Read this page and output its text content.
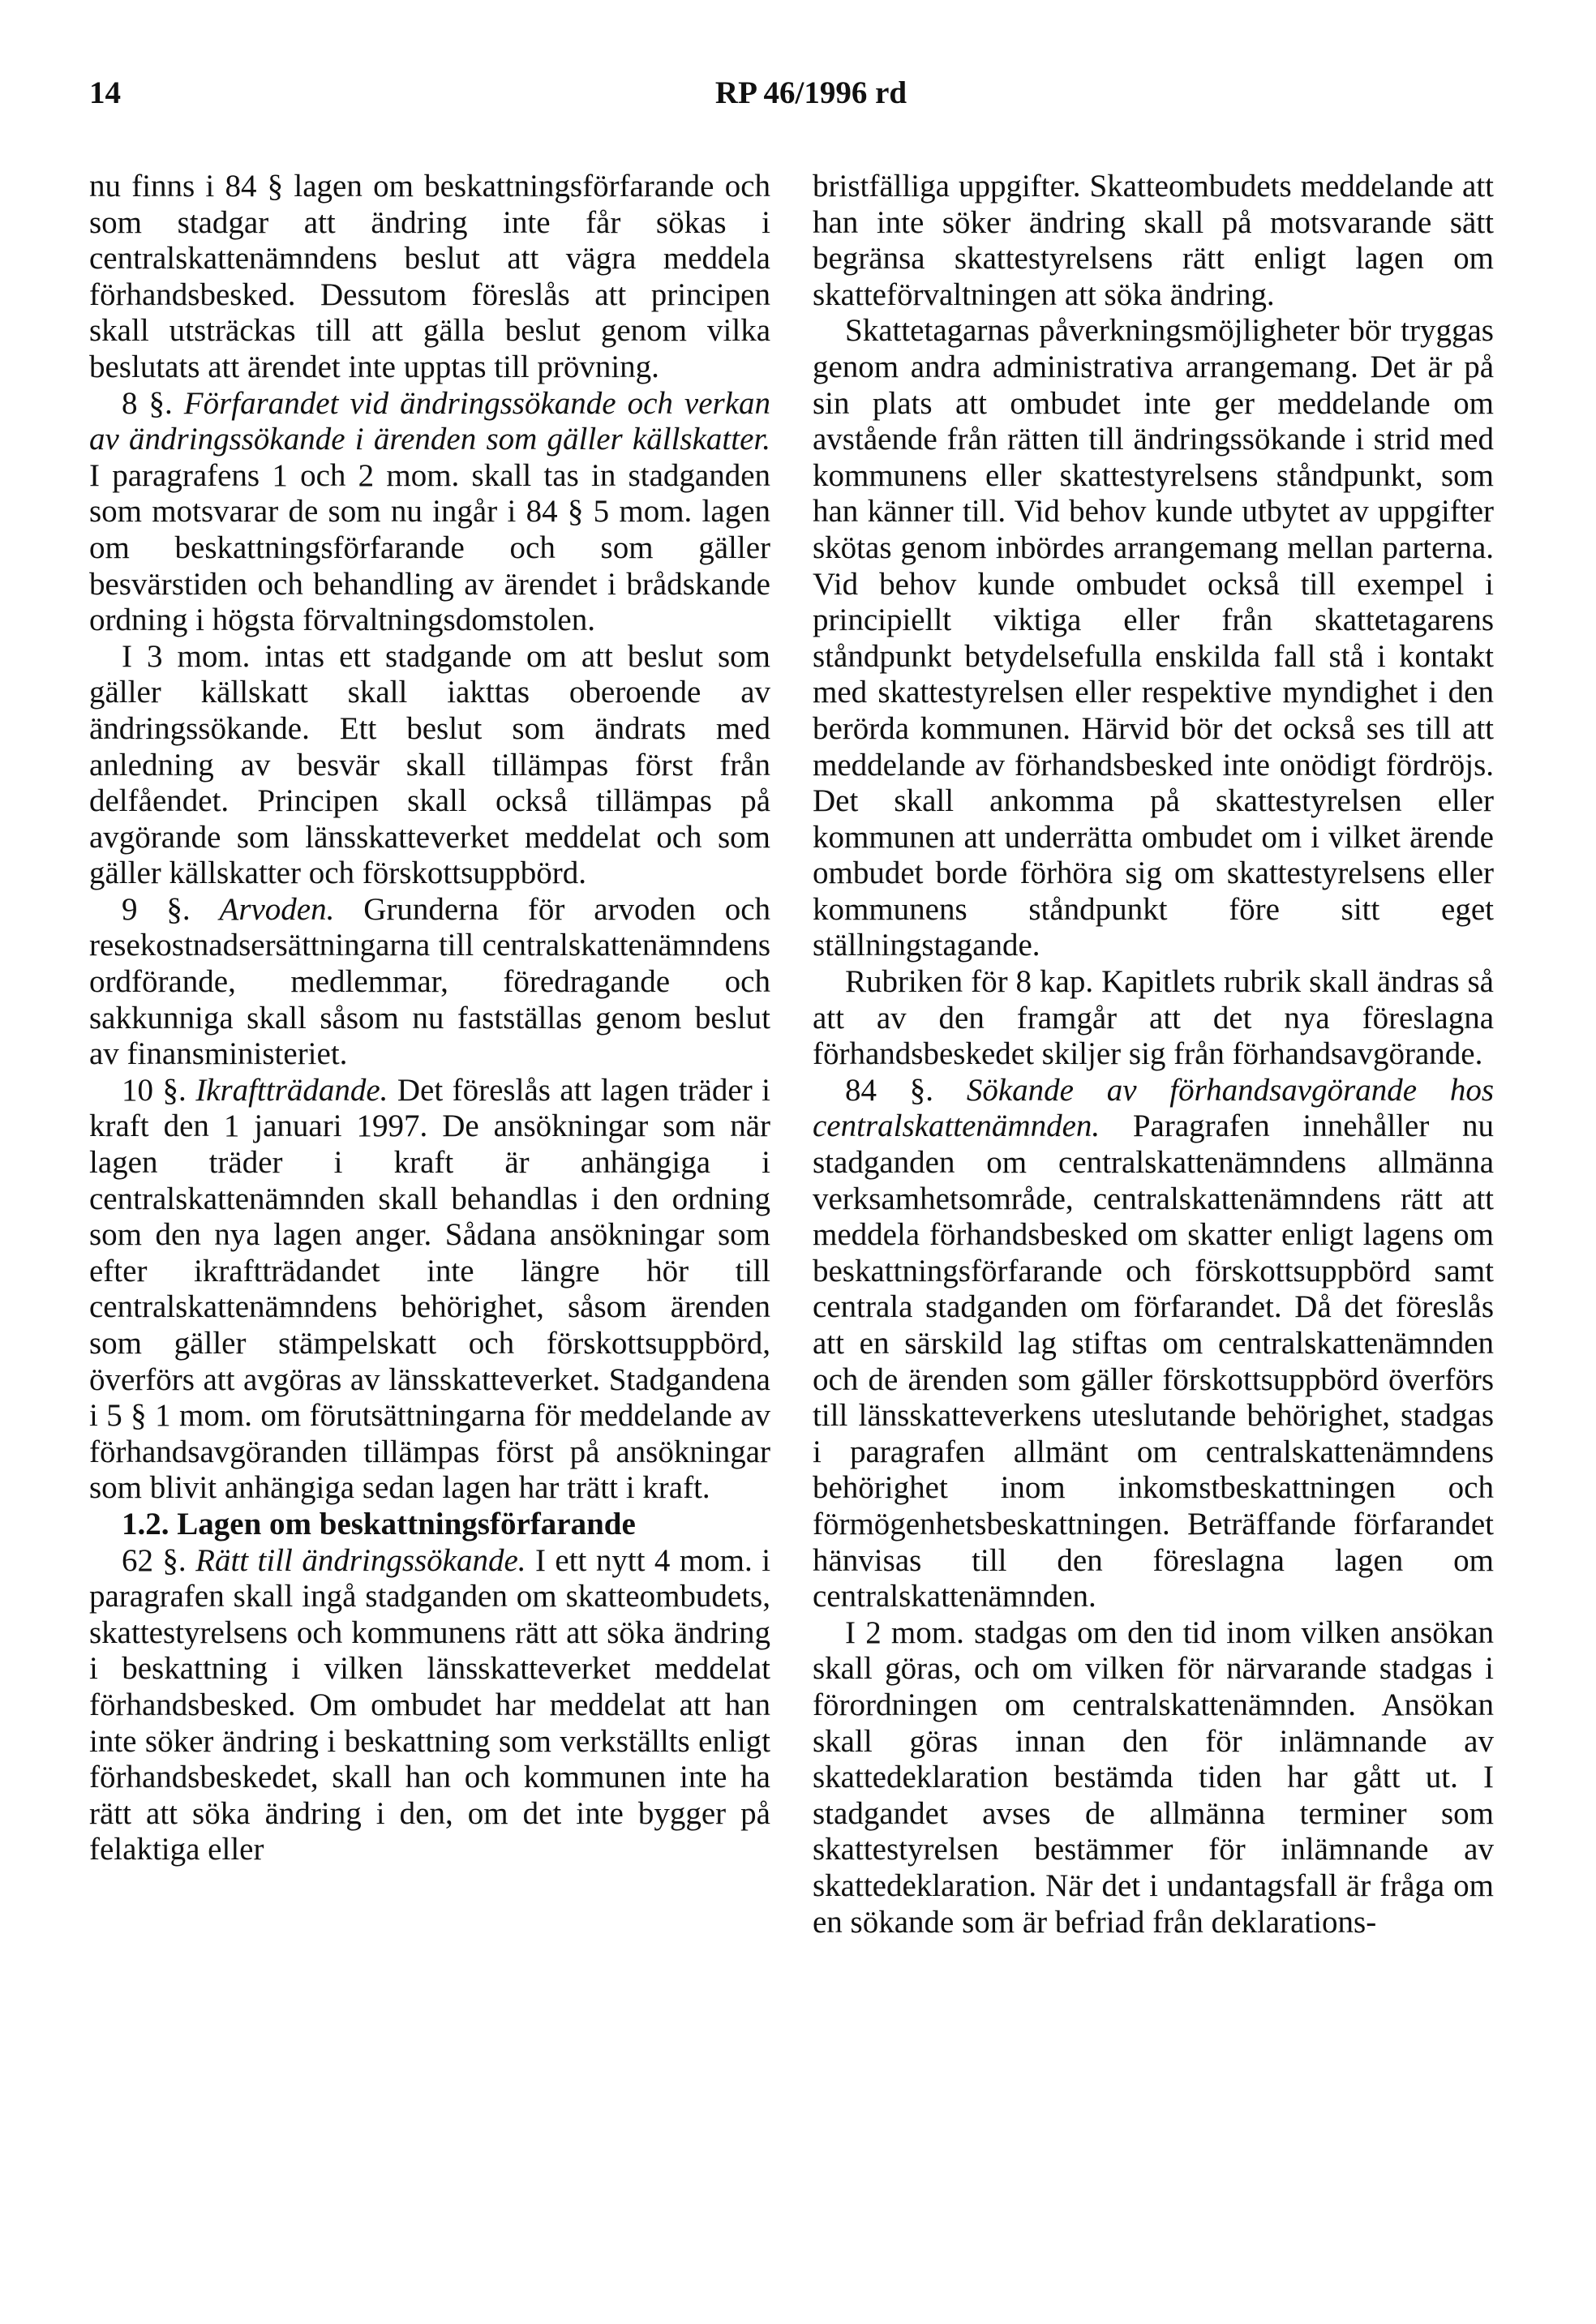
14	RP 46/1996 rd

nu finns i 84 § lagen om beskattningsförfarande och som stadgar att ändring inte får sökas i centralskattenämndens beslut att vägra meddela förhandsbesked. Dessutom föreslås att principen skall utsträckas till att gälla beslut genom vilka beslutats att ärendet inte upptas till prövning.

8 §. Förfarandet vid ändringssökande och verkan av ändringssökande i ärenden som gäller källskatter. I paragrafens 1 och 2 mom. skall tas in stadganden som motsvarar de som nu ingår i 84 § 5 mom. lagen om beskattningsförfarande och som gäller besvärstiden och behandling av ärendet i brådskande ordning i högsta förvaltningsdomstolen.

I 3 mom. intas ett stadgande om att beslut som gäller källskatt skall iakttas oberoende av ändringssökande. Ett beslut som ändrats med anledning av besvär skall tillämpas först från delfåendet. Principen skall också tillämpas på avgörande som länsskatteverket meddelat och som gäller källskatter och förskottsuppbörd.

9 §. Arvoden. Grunderna för arvoden och resekostnadsersättningarna till centralskattenämndens ordförande, medlemmar, föredragande och sakkunniga skall såsom nu fastställas genom beslut av finansministeriet.

10 §. Ikraftträdande. Det föreslås att lagen träder i kraft den 1 januari 1997. De ansökningar som när lagen träder i kraft är anhängiga i centralskattenämnden skall behandlas i den ordning som den nya lagen anger. Sådana ansökningar som efter ikraftträdandet inte längre hör till centralskattenämndens behörighet, såsom ärenden som gäller stämpelskatt och förskottsuppbörd, överförs att avgöras av länsskatteverket. Stadgandena i 5 § 1 mom. om förutsättningarna för meddelande av förhandsavgöranden tillämpas först på ansökningar som blivit anhängiga sedan lagen har trätt i kraft.

1.2. Lagen om beskattningsförfarande

62 §. Rätt till ändringssökande. I ett nytt 4 mom. i paragrafen skall ingå stadganden om skatteombudets, skattestyrelsens och kommunens rätt att söka ändring i beskattning i vilken länsskatteverket meddelat förhandsbesked. Om ombudet har meddelat att han inte söker ändring i beskattning som verkställts enligt förhandsbeskedet, skall han och kommunen inte ha rätt att söka ändring i den, om det inte bygger på felaktiga eller

bristfälliga uppgifter. Skatteombudets meddelande att han inte söker ändring skall på motsvarande sätt begränsa skattestyrelsens rätt enligt lagen om skatteförvaltningen att söka ändring.

Skattetagarnas påverkningsmöjligheter bör tryggas genom andra administrativa arrangemang. Det är på sin plats att ombudet inte ger meddelande om avstående från rätten till ändringssökande i strid med kommunens eller skattestyrelsens ståndpunkt, som han känner till. Vid behov kunde utbytet av uppgifter skötas genom inbördes arrangemang mellan parterna. Vid behov kunde ombudet också till exempel i principiellt viktiga eller från skattetagarens ståndpunkt betydelsefulla enskilda fall stå i kontakt med skattestyrelsen eller respektive myndighet i den berörda kommunen. Härvid bör det också ses till att meddelande av förhandsbesked inte onödigt fördröjs. Det skall ankomma på skattestyrelsen eller kommunen att underrätta ombudet om i vilket ärende ombudet borde förhöra sig om skattestyrelsens eller kommunens ståndpunkt före sitt eget ställningstagande.

Rubriken för 8 kap. Kapitlets rubrik skall ändras så att av den framgår att det nya föreslagna förhandsbeskedet skiljer sig från förhandsavgörande.

84 §. Sökande av förhandsavgörande hos centralskattenämnden. Paragrafen innehåller nu stadganden om centralskattenämndens allmänna verksamhetsområde, centralskattenämndens rätt att meddela förhandsbesked om skatter enligt lagens om beskattningsförfarande och förskottsuppbörd samt centrala stadganden om förfarandet. Då det föreslås att en särskild lag stiftas om centralskattenämnden och de ärenden som gäller förskottsuppbörd överförs till länsskatteverkens uteslutande behörighet, stadgas i paragrafen allmänt om centralskattenämndens behörighet inom inkomstbeskattningen och förmögenhetsbeskattningen. Beträffande förfarandet hänvisas till den föreslagna lagen om centralskattenämnden.

I 2 mom. stadgas om den tid inom vilken ansökan skall göras, och om vilken för närvarande stadgas i förordningen om centralskattenämnden. Ansökan skall göras innan den för inlämnande av skattedeklaration bestämda tiden har gått ut. I stadgandet avses de allmänna terminer som skattestyrelsen bestämmer för inlämnande av skattedeklaration. När det i undantagsfall är fråga om en sökande som är befriad från deklarations-
